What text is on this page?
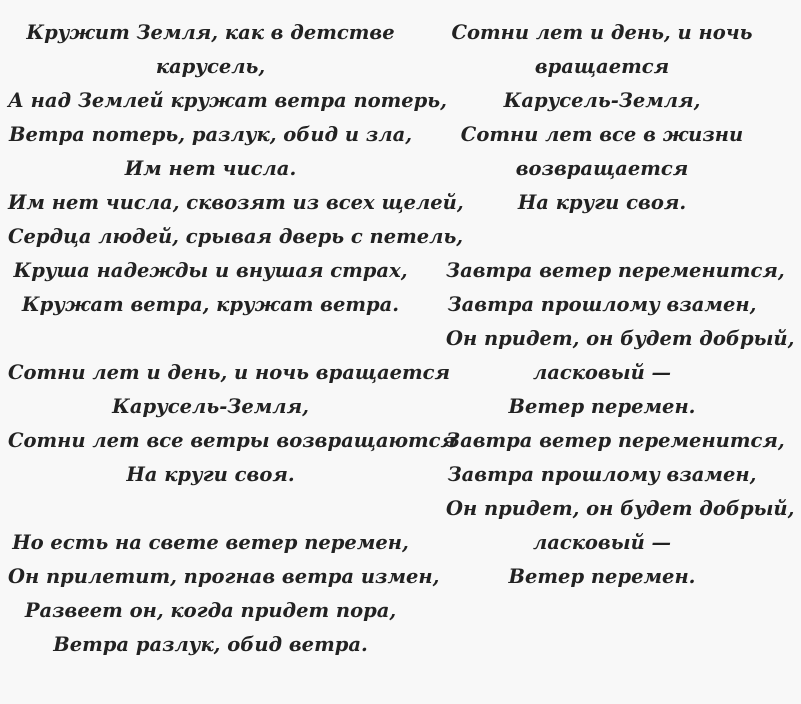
Кружит Земля, как в детстве
карусель,
А над Землей кружат ветра потерь,
Ветра потерь, разлук, обид и зла,
Им нет числа.
Им нет числа, сквозят из всех щелей,
Сердца людей, срывая дверь с петель,
Круша надежды и внушая страх,
Кружат ветра, кружат ветра.
Сотни лет и день, и ночь вращается
Карусель-Земля,
Сотни лет все ветры возвращаются
На круги своя.
Но есть на свете ветер перемен,
Он прилетит, прогнав ветра измен,
Развеет он, когда придет пора,
Ветра разлук, обид ветра.
Сотни лет и день, и ночь
вращается
Карусель-Земля,
Сотни лет все в жизни
возвращается
На круги своя.
Завтра ветер переменится,
Завтра прошлому взамен,
Он придет, он будет добрый,
ласковый —
Ветер перемен.
Завтра ветер переменится,
Завтра прошлому взамен,
Он придет, он будет добрый,
ласковый —
Ветер перемен.
